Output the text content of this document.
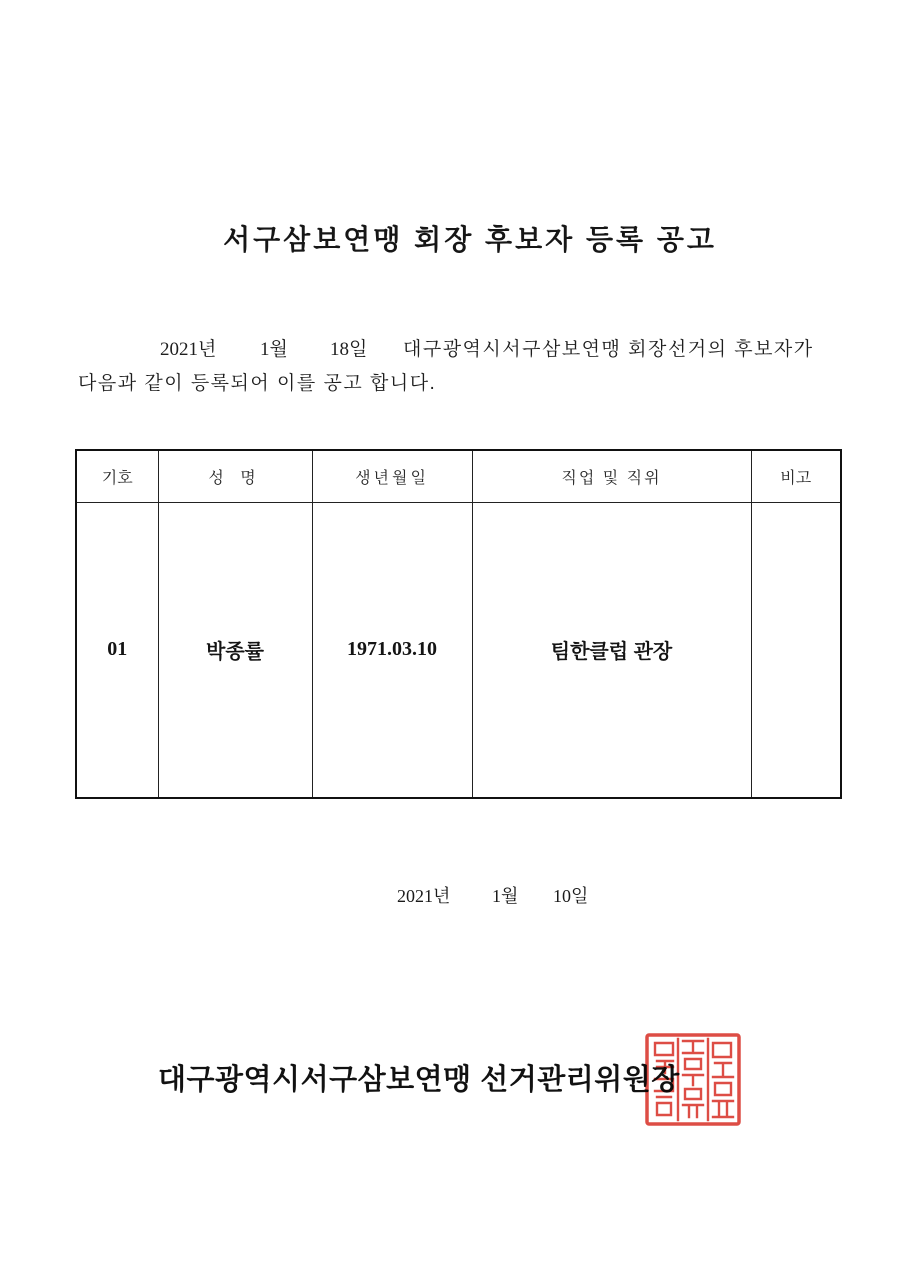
서구삼보연맹 회장 후보자 등록 공고
2021년 1월 18일 대구광역시서구삼보연맹 회장선거의 후보자가
다음과 같이 등록되어 이를 공고 합니다.
기호	성 명	생년월일	직업 및 직위	비고
01	박종률	1971.03.10	팀한클럽 관장	
2021년 1월 10일
대구광역시서구삼보연맹 선거관리위원장
